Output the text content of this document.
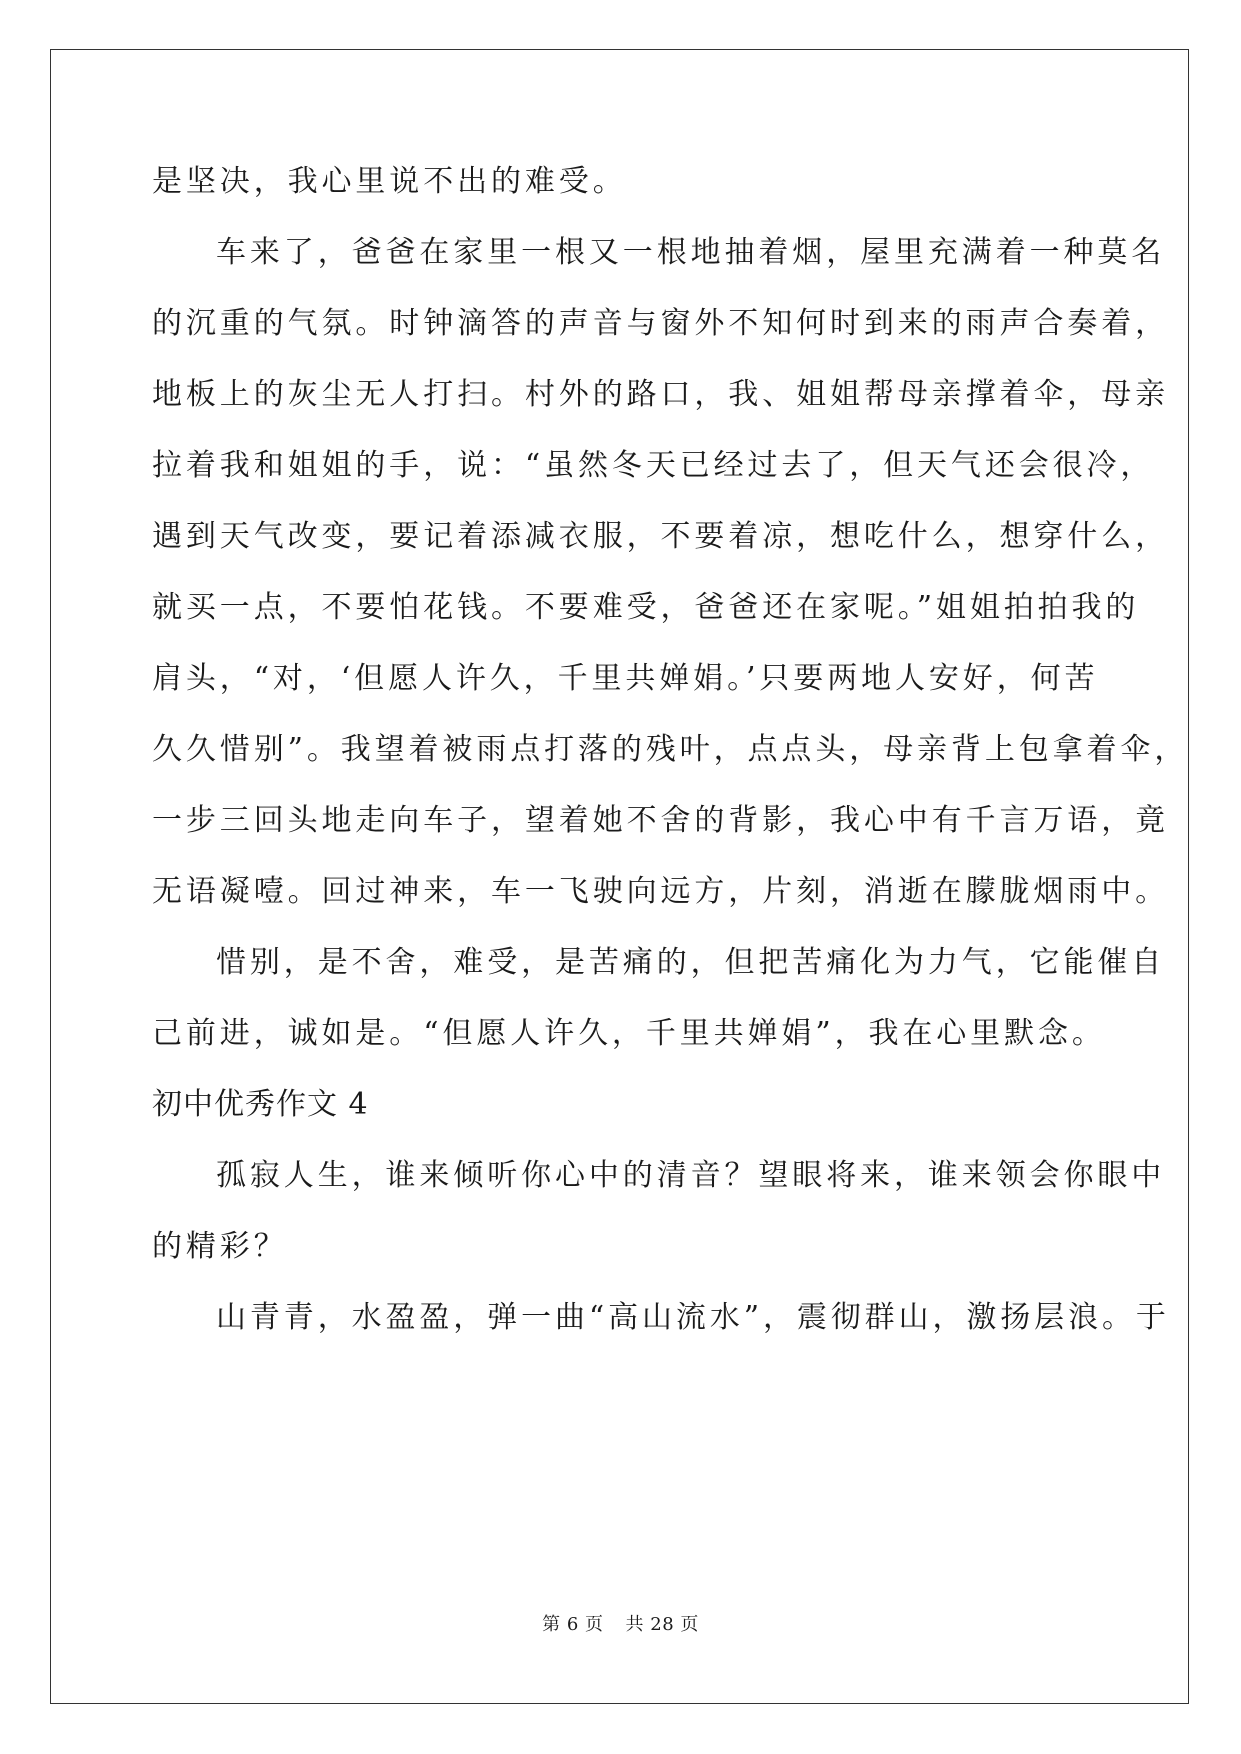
是坚决，我心里说不出的难受。
车来了，爸爸在家里一根又一根地抽着烟，屋里充满着一种莫名
的沉重的气氛。时钟滴答的声音与窗外不知何时到来的雨声合奏着，
地板上的灰尘无人打扫。村外的路口，我、姐姐帮母亲撑着伞，母亲
拉着我和姐姐的手，说：“虽然冬天已经过去了，但天气还会很冷，
遇到天气改变，要记着添减衣服，不要着凉，想吃什么，想穿什么，
就买一点，不要怕花钱。不要难受，爸爸还在家呢。”姐姐拍拍我的
肩头，“对，‘但愿人许久，千里共婵娟。’只要两地人安好，何苦
久久惜别”。我望着被雨点打落的残叶，点点头，母亲背上包拿着伞，
一步三回头地走向车子，望着她不舍的背影，我心中有千言万语，竟
无语凝噎。回过神来，车一飞驶向远方，片刻，消逝在朦胧烟雨中。
惜别，是不舍，难受，是苦痛的，但把苦痛化为力气，它能催自
己前进，诚如是。“但愿人许久，千里共婵娟”，我在心里默念。
初中优秀作文 4
孤寂人生，谁来倾听你心中的清音？望眼将来，谁来领会你眼中
的精彩？
山青青，水盈盈，弹一曲“高山流水”，震彻群山，激扬层浪。于
第 6 页 共 28 页
